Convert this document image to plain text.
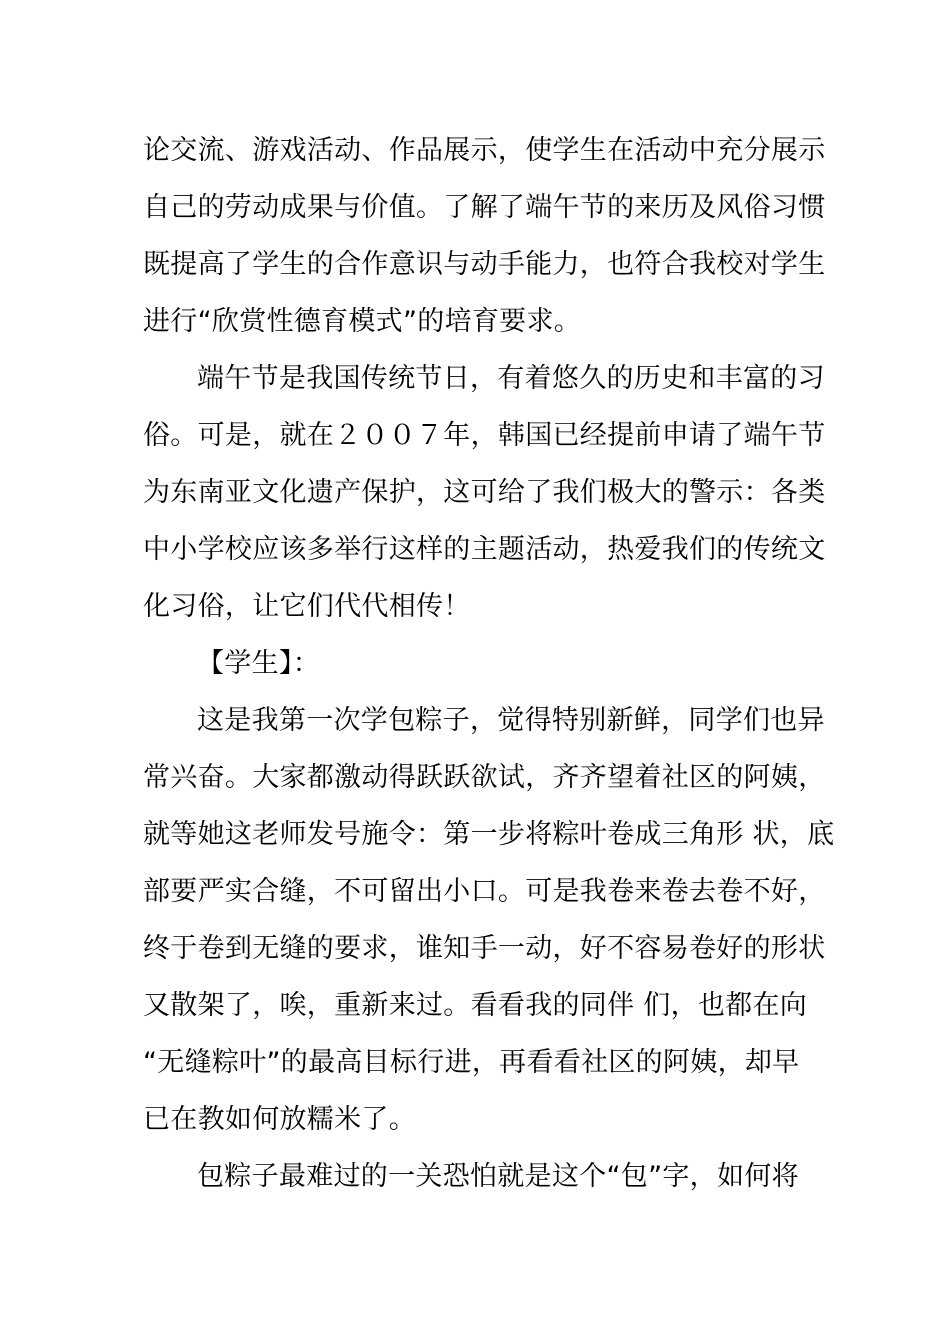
论交流、游戏活动、作品展示，使学生在活动中充分展示
自己的劳动成果与价值。了解了端午节的来历及风俗习惯
既提高了学生的合作意识与动手能力，也符合我校对学生
进行“欣赏性德育模式”的培育要求。
端午节是我国传统节日，有着悠久的历史和丰富的习
俗。可是，就在２００７年，韩国已经提前申请了端午节
为东南亚文化遗产保护，这可给了我们极大的警示：各类
中小学校应该多举行这样的主题活动，热爱我们的传统文
化习俗，让它们代代相传！
【学生】：
这是我第一次学包粽子，觉得特别新鲜，同学们也异
常兴奋。大家都激动得跃跃欲试，齐齐望着社区的阿姨，
就等她这老师发号施令：第一步将粽叶卷成三角形 状，底
部要严实合缝，不可留出小口。可是我卷来卷去卷不好，
终于卷到无缝的要求，谁知手一动，好不容易卷好的形状
又散架了，唉，重新来过。看看我的同伴 们，也都在向
“无缝粽叶”的最高目标行进，再看看社区的阿姨，却早
已在教如何放糯米了。
包粽子最难过的一关恐怕就是这个“包”字，如何将
